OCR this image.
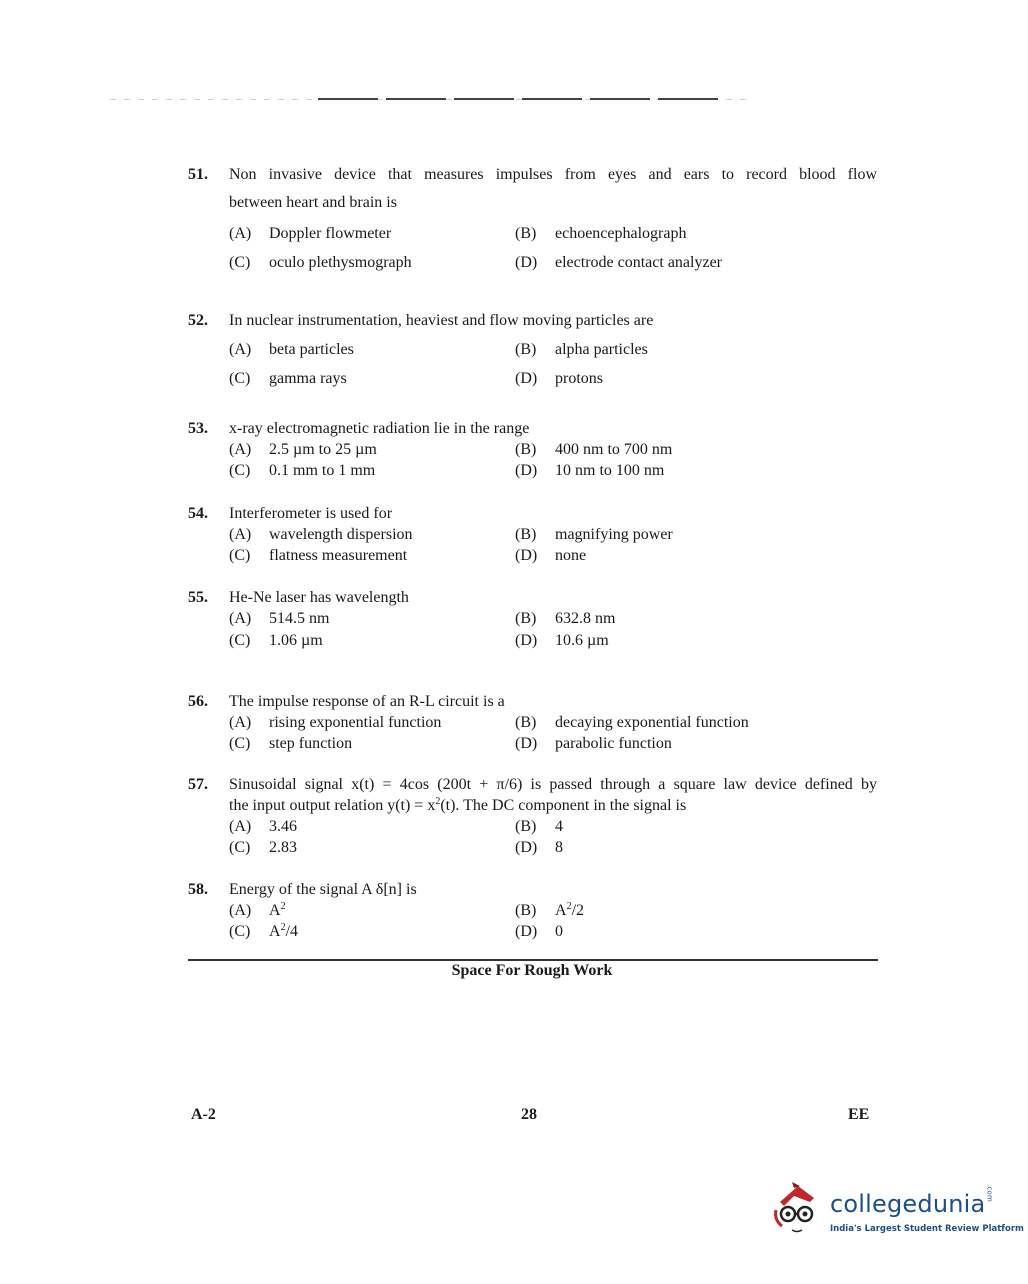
51. Non invasive device that measures impulses from eyes and ears to record blood flow
between heart and brain is
(A) Doppler flowmeter	(B) echoencephalograph
(C) oculo plethysmograph	(D) electrode contact analyzer
52. In nuclear instrumentation, heaviest and flow moving particles are
(A) beta particles	(B) alpha particles
(C) gamma rays	(D) protons
53. x-ray electromagnetic radiation lie in the range
(A) 2.5 µm to 25 µm	(B) 400 nm to 700 nm
(C) 0.1 mm to 1 mm	(D) 10 nm to 100 nm
54. Interferometer is used for
(A) wavelength dispersion	(B) magnifying power
(C) flatness measurement	(D) none
55. He-Ne laser has wavelength
(A) 514.5 nm	(B) 632.8 nm
(C) 1.06 µm	(D) 10.6 µm
56. The impulse response of an R-L circuit is a
(A) rising exponential function	(B) decaying exponential function
(C) step function	(D) parabolic function
57. Sinusoidal signal x(t) = 4cos (200t + π/6) is passed through a square law device defined by
the input output relation $y(t) = x^2(t)$. The DC component in the signal is
(A) 3.46	(B) 4
(C) 2.83	(D) 8
58. Energy of the signal A δ[n] is
(A) $A^2$	(B) $A^2/2$
(C) $A^2/4$	(D) 0
Space For Rough Work
A-2	28	EE
collegedunia.com
India's Largest Student Review Platform
